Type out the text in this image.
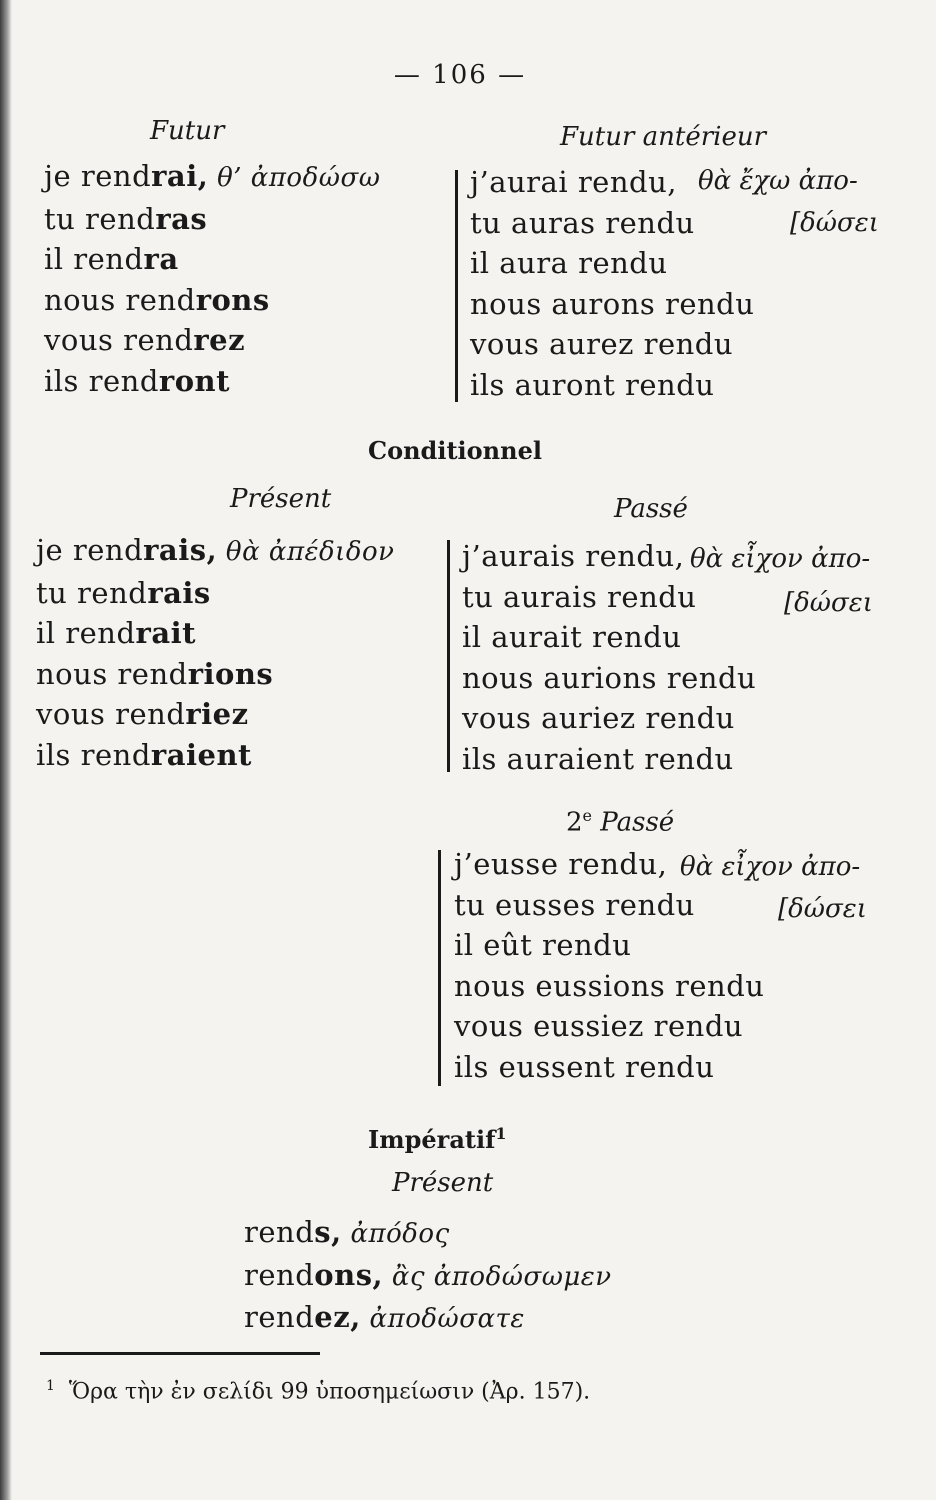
— 106 —
Futur
je rendrai, θ’ ἀποδώσω
tu rendras
il rendra
nous rendrons
vous rendrez
ils rendront
Futur antérieur
j’aurai rendu,
tu auras rendu
il aura rendu
nous aurons rendu
vous aurez rendu
ils auront rendu
θὰ ἔχω ἀπο-
[δώσει
Conditionnel
Présent
je rendrais, θὰ ἀπέδιδον
tu rendrais
il rendrait
nous rendrions
vous rendriez
ils rendraient
Passé
j’aurais rendu,
tu aurais rendu
il aurait rendu
nous aurions rendu
vous auriez rendu
ils auraient rendu
θὰ εἶχον ἀπο-
[δώσει
2e Passé
j’eusse rendu,
tu eusses rendu
il eût rendu
nous eussions rendu
vous eussiez rendu
ils eussent rendu
θὰ εἶχον ἀπο-
[δώσει
Impératif$^1$
Présent
rends, ἀπόδος
rendons, ἂς ἀποδώσωμεν
rendez, ἀποδώσατε
$^1$ Ὅρα τὴν ἐν σελίδι 99 ὑποσημείωσιν (Ἀρ. 157).
